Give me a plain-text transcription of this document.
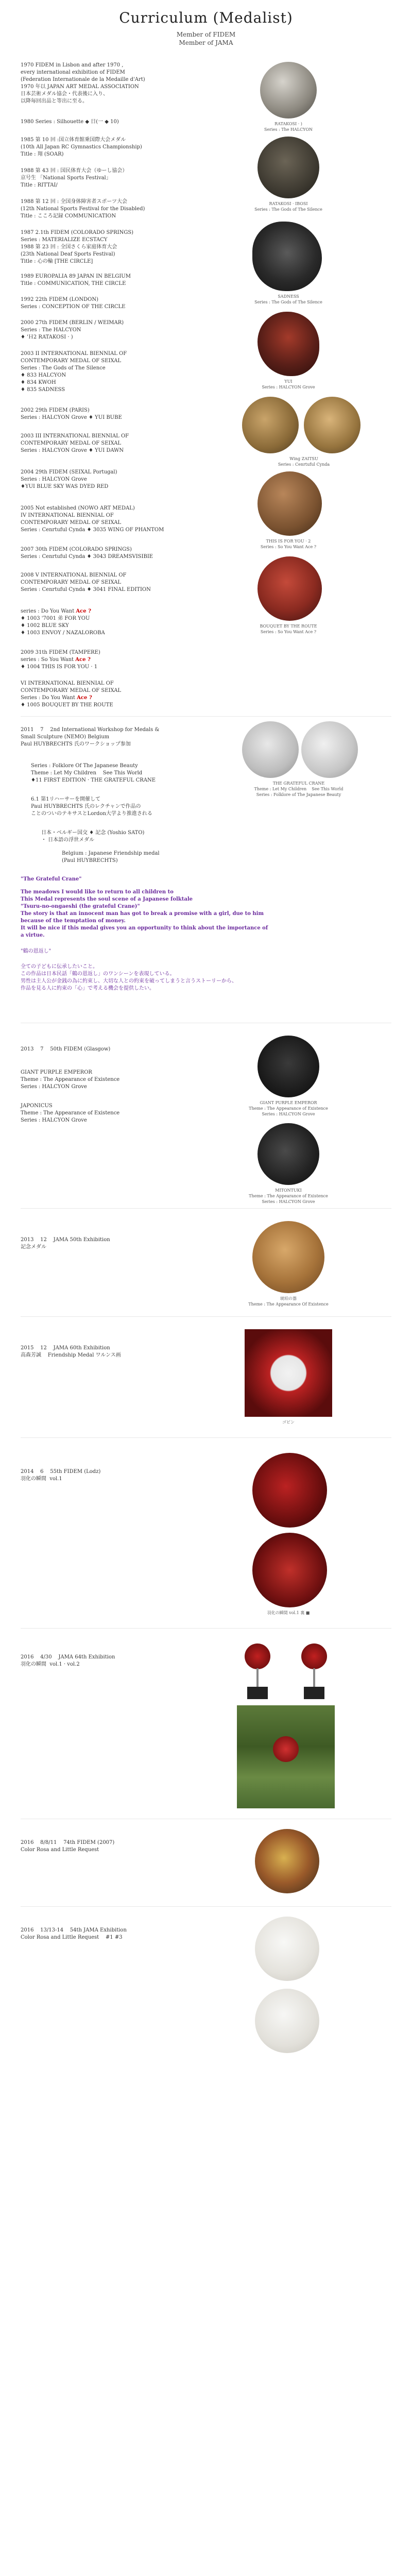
Curriculum (Medalist)
Member of FIDEM
Member of JAMA
1970 FIDEM in Lisbon and after 1970 ,
every international exhibition of FIDEM
(Federation Internationale de la Medaille d'Art)
1970 年以 JAPAN ART MEDAL ASSOCIATION
日本芸術メダル協会・代表後に入り、
以降毎回出品と等出に至る。
1980 Series : Silhouette ◆ 日(一 ◆ 10)
1985 第 10 回 :国立体育館乗国際大会メダル
(10th All Japan RC Gymnastics Championship)
Title : 翔 (SOAR)
1988 第 43 回 : 国民体育大会（ゆーし協会）
京号生 「National Sports Festival」
Title : RITTAI/
1988 第 12 回 : 全国身体障害者スポーツ大会
(12th National Sports Festival for the Disabled)
Title : こころ記録 COMMUNICATION
1987 2.1th FIDEM (COLORADO SPRINGS)
Series : MATERIALIZE ECSTACY
1988 第 23 回 : 全国さくら家庭体育大会
(23th National Deaf Sports Festival)
Title : 心の輪 [THE CIRCLE]
1989 EUROPALIA 89 JAPAN IN BELGIUM
Title : COMMUNICATION, THE CIRCLE
1992 22th FIDEM (LONDON)
Series : CONCEPTION OF THE CIRCLE
2000 27th FIDEM (BERLIN / WEIMAR)
Series : The HALCYON
♦ 'Ｈ2 RATAKOSI · )
2003 II INTERNATIONAL BIENNIAL OF
CONTEMPORARY MEDAL OF SEIXAL
Series : The Gods of The Silence
♦ 833 HALCYON
♦ 834 KWOH
♦ 835 SADNESS
2002 29th FIDEM (PARIS)
Series : HALCYON Grove ♦ YUI BUBE
2003 III INTERNATIONAL BIENNIAL OF
CONTEMPORARY MEDAL OF SEIXAL
Series : HALCYON Grove ♦ YUI DAWN
2004 29th FIDEM (SEIXAL Portugal)
Series : HALCYON Grove
♦YUI BLUE SKY WAS DYED RED
2005 Not established (NOWO ART MEDAL)
IV INTERNATIONAL BIENNIAL OF
CONTEMPORARY MEDAL OF SEIXAL
Series : Cenrtuful Cynda ♦ 3035 WING OF PHANTOM
2007 30th FIDEM (COLORADO SPRINGS)
Series : Cenrtuful Cynda ♦ 3043 DREAMSVISIBIE
2008 V INTERNATIONAL BIENNIAL OF
CONTEMPORARY MEDAL OF SEIXAL
Series : Cenrtuful Cynda ♦ 3041 FINAL EDITION
series : Do You Want Ace ?
♦ 1003 '7001 弟 FOR YOU
♦ 1002 BLUE SKY
♦ 1003 ENVOY / NAZALOROBA
2009 31th FIDEM (TAMPERE)
series : So You Want Ace ?
♦ 1004 THIS IS FOR YOU · 1
VI INTERNATIONAL BIENNIAL OF
CONTEMPORARY MEDAL OF SEIXAL
Series : Do You Want Ace ?
♦ 1005 BOUQUET BY THE ROUTE
RATAKOSI · )
Series : The HALCYON
RATAKOSI · IBOSI
Series : The Gods of The Silence
SADNESS
Series : The Gods of The Silence
YUI
Series : HALCYON Grove
Wing ZAITSU
Series : Cenrtuful Cynda
THIS IS FOR YOU · 2
Series : So You Want Ace ?
BOUQUET BY THE ROUTE
Series : So You Want Ace ?
2011    7    2nd International Workshop for Medals &
Small Sculpture (NEMO) Belgium
Paul HUYBRECHTS 氏のワークショップ参加
Series : Folklore Of The Japanese Beauty
Theme : Let My Children    See This World
♦11 FIRST EDITION · THE GRATEFUL CRANE
6.1 第1リハーサーを開催して
Paul HUYBRECHTS 氏のレクチャンで作品の
ことのついのテキサスとLordon大学より推進される
日本・ベルギー国交 ♦ 記念 (Yoshio SATO)
・ 日本語の浮世メダル
Belgium : Japanese Friendship medal
(Paul HUYBRECHTS)
THE GRATEFUL CRANE
Theme : Let My Children    See This World
Series : Folklore of The Japanese Beauty
"The Grateful Crane"
The meadows I would like to return to all children to
This Medal represents the soul scene of a Japanese folktale
"Tsuru-no-ongaeshi (the grateful Crane)"
The story is that an innocent man has got to break a promise with a girl, due to him
because of the temptation of money.
It will be nice if this medal gives you an opportunity to think about the importance of
a virtue.
"鶴の恩返し"
全ての子どもに伝承したいこと。
この作品は日本民話「鶴の恩返し」のワンシーンを表現している。
男性は主人公が金銭の為に約束し、大切な人との約束を破ってしまうと言うストーリーから、
作品を見る人に約束の「心」で考える機会を提供したい。
2013    7    50th FIDEM (Glasgow)
GIANT PURPLE EMPEROR
Theme : The Appearance of Existence
Series : HALCYON Grove
JAPONICUS
Theme : The Appearance of Existence
Series : HALCYON Grove
GIANT PURPLE EMPEROR
Theme : The Appearance of Existence
Series : HALCYON Grove
MITONTUKI
Theme : The Appearance of Existence
Series : HALCYON Grove
2013    12    JAMA 50th Exhibition
記念メダル
琥珀の器
Theme : The Appearance Of Existence
2015    12    JAMA 60th Exhibition
高森芳誠    Friendship Medal ワルンス画
ゴビン
2014    6    55th FIDEM (Lodz)
羽化の瞬間  vol.1
羽化の瞬間 vol.1 裏 ■
2016    4/30    JAMA 64th Exhibition
羽化の瞬間  vol.1 · vol.2
2016    8/8/11    74th FIDEM (2007)
Color Rosa and Little Request
2016    13/13-14    54th JAMA Exhibition
Color Rosa and Little Request    #1 #3
